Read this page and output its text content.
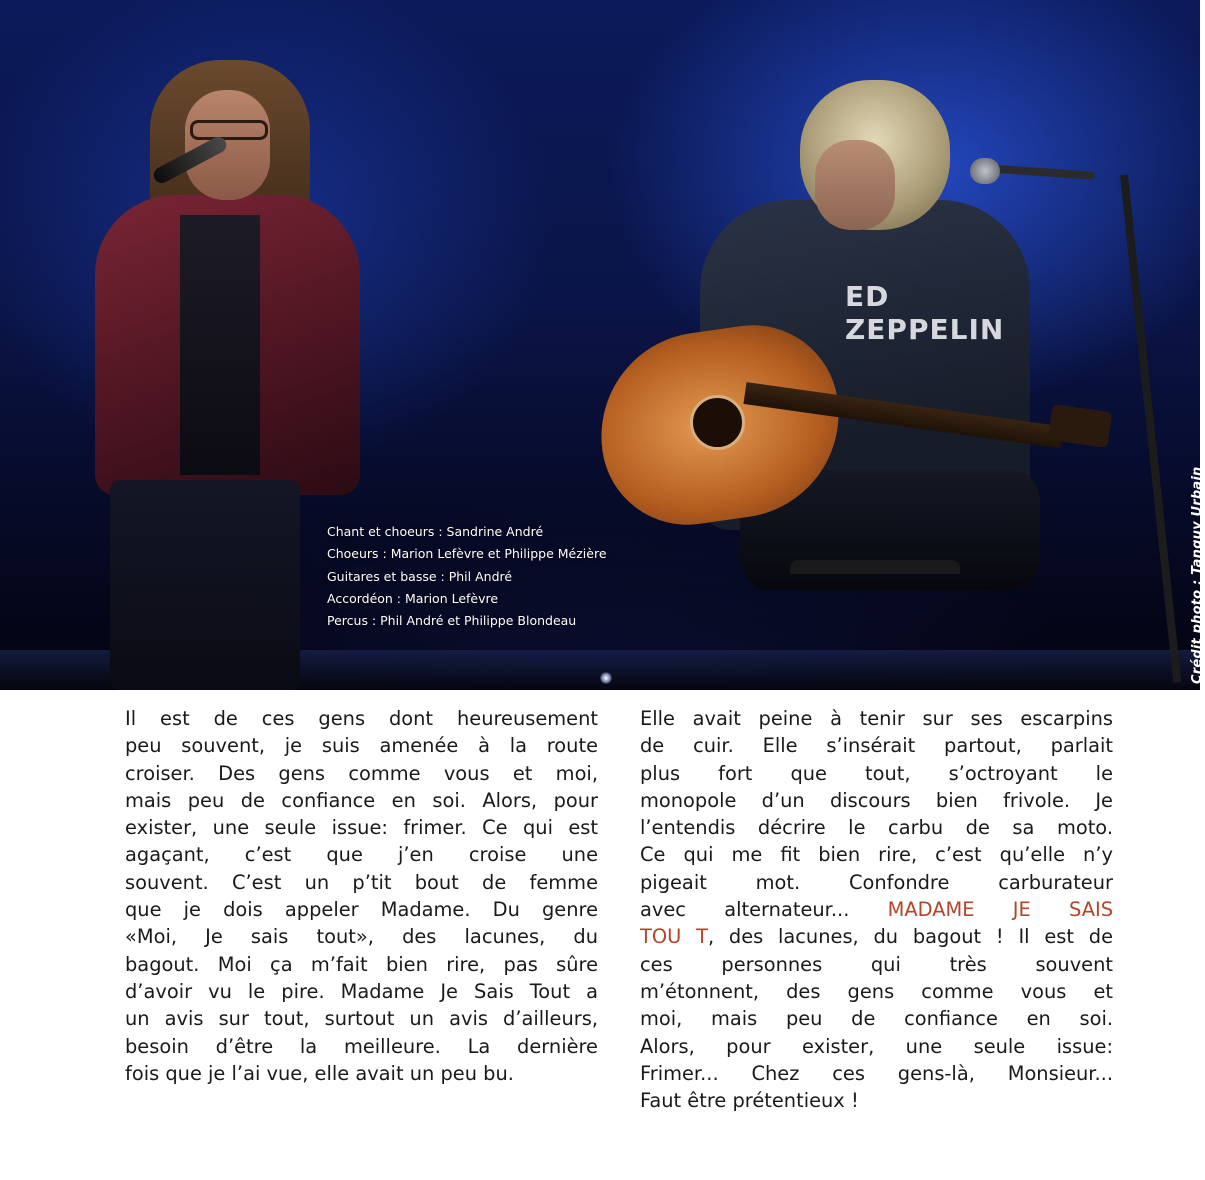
ED ZEPPELIN
Chant et choeurs : Sandrine André
Choeurs : Marion Lefèvre et Philippe Mézière
Guitares et basse : Phil André
Accordéon : Marion Lefèvre
Percus : Phil André et Philippe Blondeau	Crédit photo : Tanguy Urbain
Il est de ces gens dont heureusement
peu souvent, je suis amenée à la route
croiser. Des gens comme vous et moi,
mais peu de confiance en soi. Alors, pour
exister, une seule issue: frimer. Ce qui est
agaçant, c’est que j’en croise une
souvent. C’est un p’tit bout de femme
que je dois appeler Madame. Du genre
«Moi, Je sais tout», des lacunes, du
bagout. Moi ça m’fait bien rire, pas sûre
d’avoir vu le pire. Madame Je Sais Tout a
un avis sur tout, surtout un avis d’ailleurs,
besoin d’être la meilleure. La dernière
fois que je l’ai vue, elle avait un peu bu.
Elle avait peine à tenir sur ses escarpins
de cuir. Elle s’insérait partout, parlait
plus fort que tout, s’octroyant le
monopole d’un discours bien frivole. Je
l’entendis décrire le carbu de sa moto.
Ce qui me fit bien rire, c’est qu’elle n’y
pigeait mot. Confondre carburateur
avec alternateur... MADAME JE SAIS
TOU T, des lacunes, du bagout ! Il est de
ces personnes qui très souvent
m’étonnent, des gens comme vous et
moi, mais peu de confiance en soi.
Alors, pour exister, une seule issue:
Frimer... Chez ces gens-là, Monsieur...
Faut être prétentieux !
